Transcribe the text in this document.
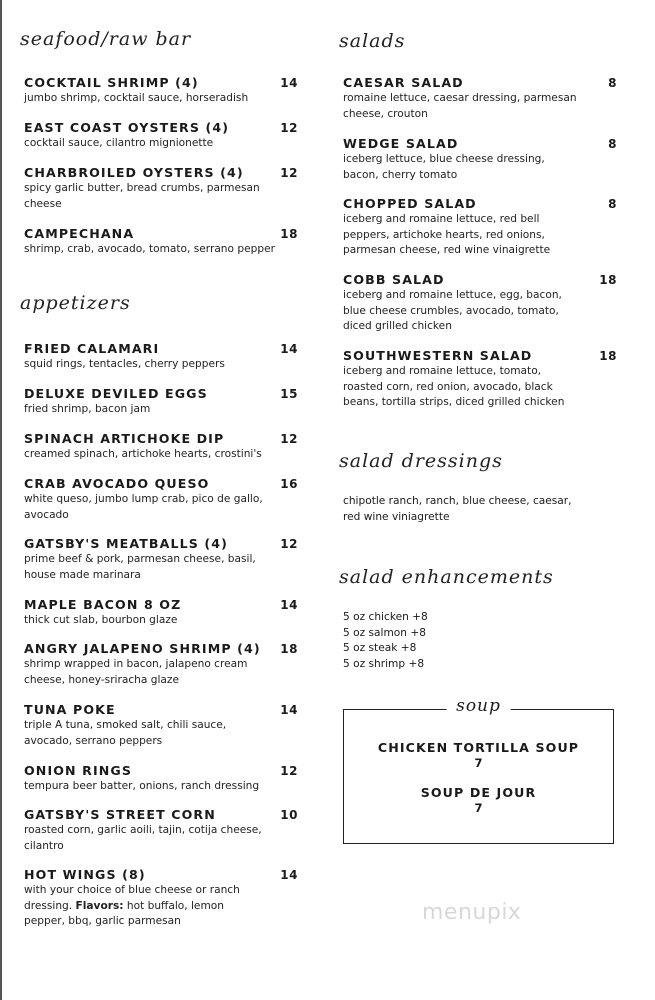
seafood/raw bar
COCKTAIL SHRIMP (4)	14
jumbo shrimp, cocktail sauce, horseradish
EAST COAST OYSTERS (4)	12
cocktail sauce, cilantro mignionette
CHARBROILED OYSTERS (4)	12
spicy garlic butter, bread crumbs, parmesan cheese
CAMPECHANA	18
shrimp, crab, avocado, tomato, serrano pepper
appetizers
FRIED CALAMARI	14
squid rings, tentacles, cherry peppers
DELUXE DEVILED EGGS	15
fried shrimp, bacon jam
SPINACH ARTICHOKE DIP	12
creamed spinach, artichoke hearts, crostini's
CRAB AVOCADO QUESO	16
white queso, jumbo lump crab, pico de gallo, avocado
GATSBY'S MEATBALLS (4)	12
prime beef & pork, parmesan cheese, basil, house made marinara
MAPLE BACON 8 OZ	14
thick cut slab, bourbon glaze
ANGRY JALAPENO SHRIMP (4)	18
shrimp wrapped in bacon, jalapeno cream cheese, honey-sriracha glaze
TUNA POKE	14
triple A tuna, smoked salt, chili sauce, avocado, serrano peppers
ONION RINGS	12
tempura beer batter, onions, ranch dressing
GATSBY'S STREET CORN	10
roasted corn, garlic aoili, tajin, cotija cheese, cilantro
HOT WINGS (8)	14
with your choice of blue cheese or ranch dressing. Flavors: hot buffalo, lemon pepper, bbq, garlic parmesan
salads
CAESAR SALAD	8
romaine lettuce, caesar dressing, parmesan cheese, crouton
WEDGE SALAD	8
iceberg lettuce, blue cheese dressing, bacon, cherry tomato
CHOPPED SALAD	8
iceberg and romaine lettuce, red bell peppers, artichoke hearts, red onions, parmesan cheese, red wine vinaigrette
COBB SALAD	18
iceberg and romaine lettuce, egg, bacon, blue cheese crumbles, avocado, tomato, diced grilled chicken
SOUTHWESTERN SALAD	18
iceberg and romaine lettuce, tomato, roasted corn, red onion, avocado, black beans, tortilla strips, diced grilled chicken
salad dressings
chipotle ranch, ranch, blue cheese, caesar, red wine viniagrette
salad enhancements
5 oz chicken +8
5 oz salmon +8
5 oz steak +8
5 oz shrimp +8
soup
CHICKEN TORTILLA SOUP
7
SOUP DE JOUR
7
menupix
